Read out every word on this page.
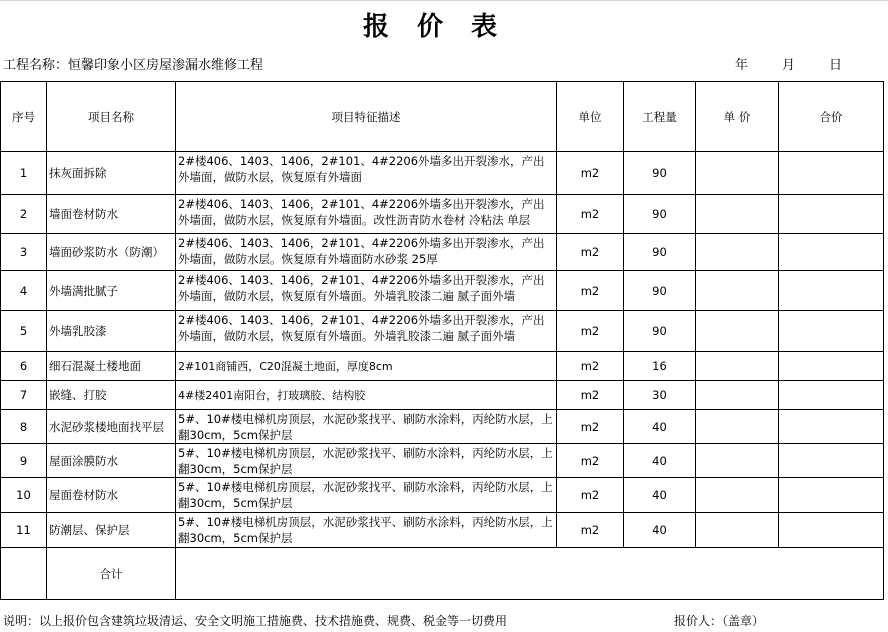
报价表
工程名称：恒馨印象小区房屋渗漏水维修工程	年	月	日
序号	项目名称	项目特征描述	单位	工程量	单 价	合价
1	抹灰面拆除	2#楼406、1403、1406，2#101、4#2206外墙多出开裂渗水，产出外墙面，做防水层，恢复原有外墙面	m2	90		
2	墙面卷材防水	2#楼406、1403、1406，2#101、4#2206外墙多出开裂渗水，产出外墙面，做防水层，恢复原有外墙面。改性沥青防水卷材 冷粘法 单层	m2	90		
3	墙面砂浆防水（防潮）	2#楼406、1403、1406，2#101、4#2206外墙多出开裂渗水，产出外墙面，做防水层。恢复原有外墙面防水砂浆 25厚	m2	90		
4	外墙满批腻子	2#楼406、1403、1406，2#101、4#2206外墙多出开裂渗水，产出外墙面，做防水层，恢复原有外墙面。外墙乳胶漆二遍 腻子面外墙	m2	90		
5	外墙乳胶漆	2#楼406、1403、1406，2#101、4#2206外墙多出开裂渗水，产出外墙面，做防水层，恢复原有外墙面。外墙乳胶漆二遍 腻子面外墙	m2	90		
6	细石混凝土楼地面	2#101商铺西，C20混凝土地面，厚度8cm	m2	16		
7	嵌缝、打胶	4#楼2401南阳台，打玻璃胶、结构胶	m2	30		
8	水泥砂浆楼地面找平层	5#、10#楼电梯机房顶层，水泥砂浆找平、刷防水涂料，丙纶防水层，上翻30cm，5cm保护层	m2	40		
9	屋面涂膜防水	5#、10#楼电梯机房顶层，水泥砂浆找平、刷防水涂料，丙纶防水层，上翻30cm，5cm保护层	m2	40		
10	屋面卷材防水	5#、10#楼电梯机房顶层，水泥砂浆找平、刷防水涂料，丙纶防水层，上翻30cm，5cm保护层	m2	40		
11	防潮层、保护层	5#、10#楼电梯机房顶层，水泥砂浆找平、刷防水涂料，丙纶防水层，上翻30cm，5cm保护层	m2	40		
	合计					
说明：以上报价包含建筑垃圾清运、安全文明施工措施费、技术措施费、规费、税金等一切费用	报价人：（盖章）
